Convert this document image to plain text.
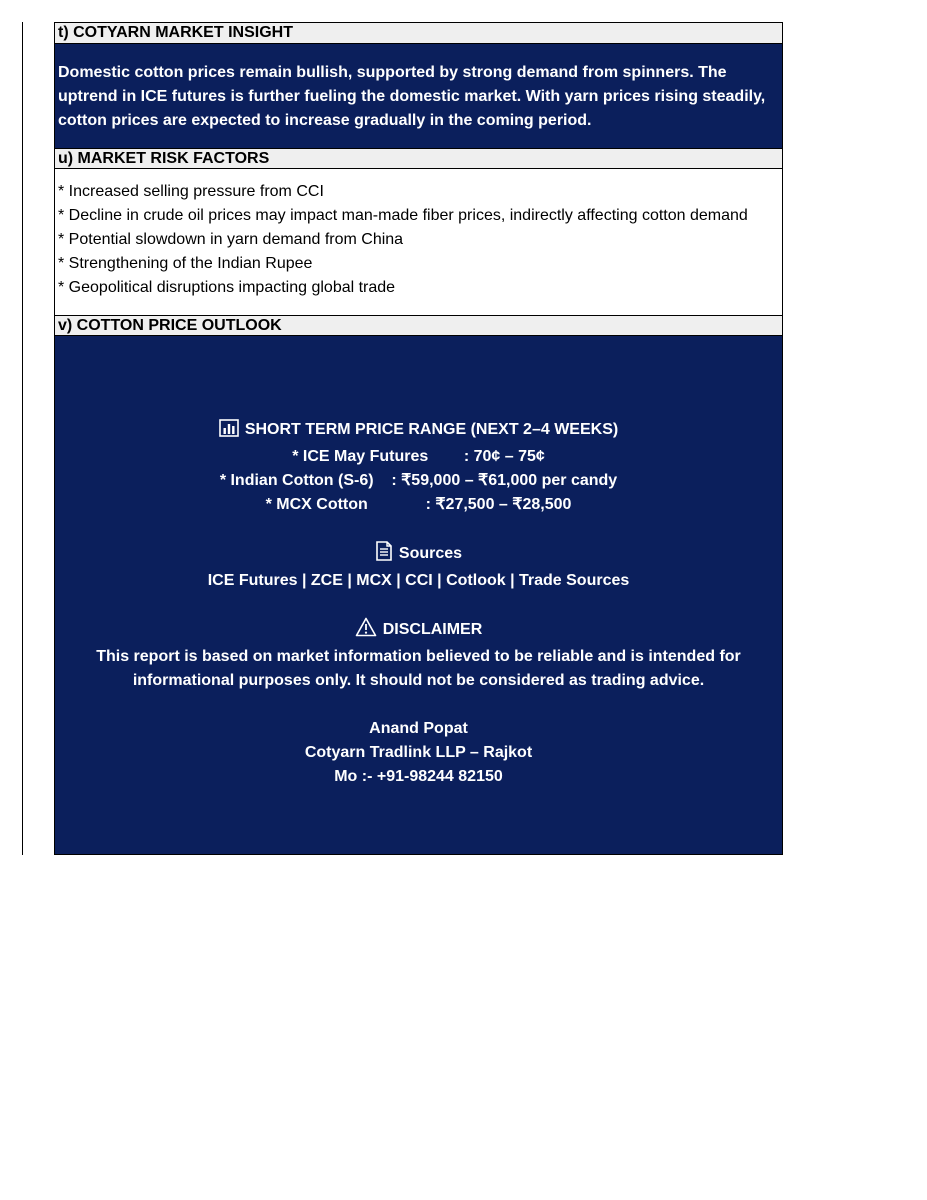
t) COTYARN MARKET INSIGHT
Domestic cotton prices remain bullish, supported by strong demand from spinners. The
uptrend in ICE futures is further fueling the domestic market. With yarn prices rising steadily,
cotton prices are expected to increase gradually in the coming period.
u) MARKET RISK FACTORS
* Increased selling pressure from CCI
* Decline in crude oil prices may impact man-made fiber prices, indirectly affecting cotton demand
* Potential slowdown in yarn demand from China
* Strengthening of the Indian Rupee
* Geopolitical disruptions impacting global trade
v) COTTON PRICE OUTLOOK
SHORT TERM PRICE RANGE (NEXT 2–4 WEEKS)
* ICE May Futures        : 70¢ – 75¢
* Indian Cotton (S-6)    : ₹59,000 – ₹61,000 per candy
* MCX Cotton             : ₹27,500 – ₹28,500
Sources
ICE Futures | ZCE | MCX | CCI | Cotlook | Trade Sources
DISCLAIMER
This report is based on market information believed to be reliable and is intended for
informational purposes only. It should not be considered as trading advice.
Anand Popat
Cotyarn Tradlink LLP – Rajkot
Mo :- +91-98244 82150
